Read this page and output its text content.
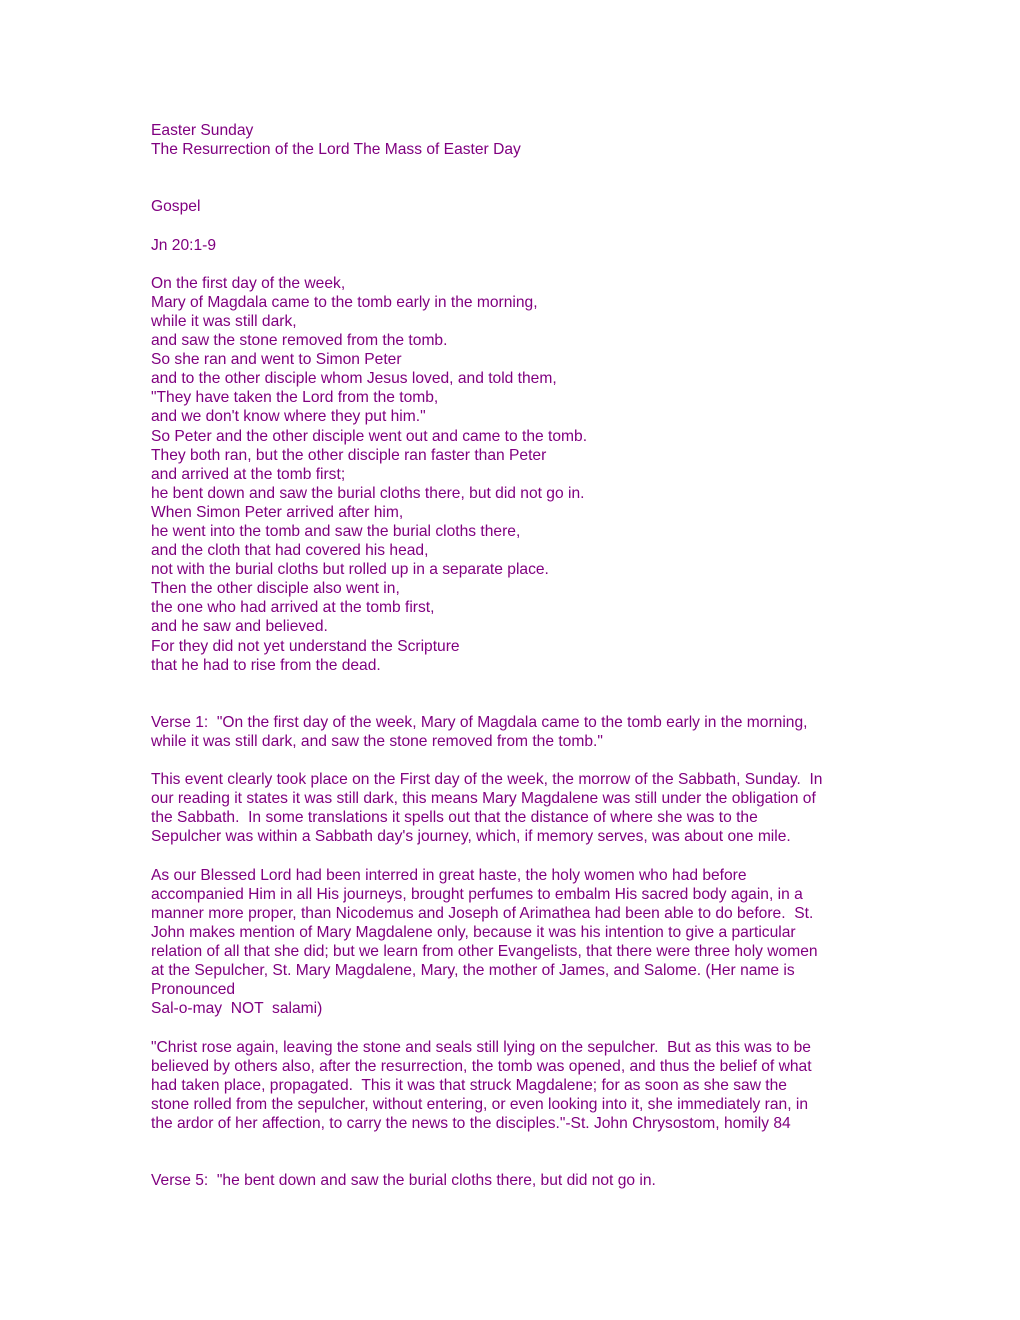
Easter Sunday
The Resurrection of the Lord The Mass of Easter Day
Gospel
Jn 20:1-9
On the first day of the week,
Mary of Magdala came to the tomb early in the morning,
while it was still dark,
and saw the stone removed from the tomb.
So she ran and went to Simon Peter
and to the other disciple whom Jesus loved, and told them,
"They have taken the Lord from the tomb,
and we don't know where they put him."
So Peter and the other disciple went out and came to the tomb.
They both ran, but the other disciple ran faster than Peter
and arrived at the tomb first;
he bent down and saw the burial cloths there, but did not go in.
When Simon Peter arrived after him,
he went into the tomb and saw the burial cloths there,
and the cloth that had covered his head,
not with the burial cloths but rolled up in a separate place.
Then the other disciple also went in,
the one who had arrived at the tomb first,
and he saw and believed.
For they did not yet understand the Scripture
that he had to rise from the dead.
Verse 1:  "On the first day of the week, Mary of Magdala came to the tomb early in the morning,
while it was still dark, and saw the stone removed from the tomb."
This event clearly took place on the First day of the week, the morrow of the Sabbath, Sunday.  In
our reading it states it was still dark, this means Mary Magdalene was still under the obligation of
the Sabbath.  In some translations it spells out that the distance of where she was to the
Sepulcher was within a Sabbath day's journey, which, if memory serves, was about one mile.
As our Blessed Lord had been interred in great haste, the holy women who had before
accompanied Him in all His journeys, brought perfumes to embalm His sacred body again, in a
manner more proper, than Nicodemus and Joseph of Arimathea had been able to do before.  St.
John makes mention of Mary Magdalene only, because it was his intention to give a particular
relation of all that she did; but we learn from other Evangelists, that there were three holy women
at the Sepulcher, St. Mary Magdalene, Mary, the mother of James, and Salome. (Her name is
Pronounced
Sal-o-may  NOT  salami)
"Christ rose again, leaving the stone and seals still lying on the sepulcher.  But as this was to be
believed by others also, after the resurrection, the tomb was opened, and thus the belief of what
had taken place, propagated.  This it was that struck Magdalene; for as soon as she saw the
stone rolled from the sepulcher, without entering, or even looking into it, she immediately ran, in
the ardor of her affection, to carry the news to the disciples."-St. John Chrysostom, homily 84
Verse 5:  "he bent down and saw the burial cloths there, but did not go in.
